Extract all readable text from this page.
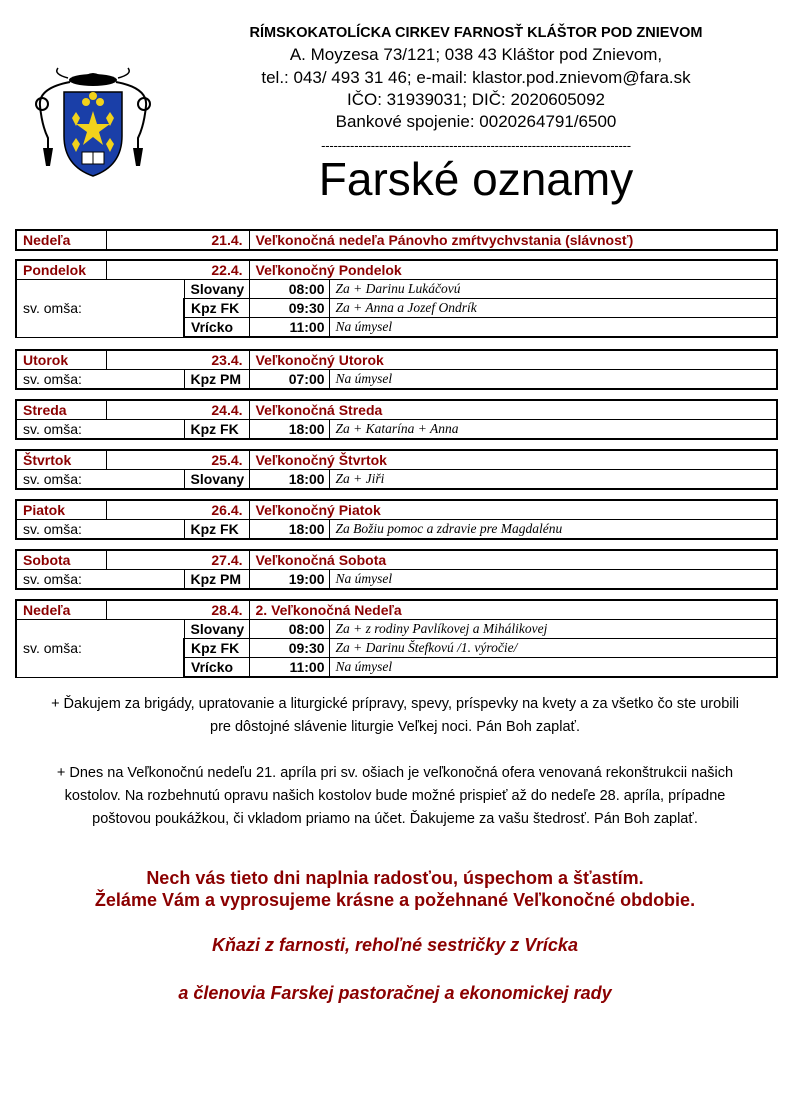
RÍMSKOKATOLÍCKA CIRKEV FARNOSŤ KLÁŠTOR POD ZNIEVOM
A. Moyzesa 73/121; 038 43 Kláštor pod Znievom,
tel.: 043/ 493 31 46; e-mail: klastor.pod.znievom@fara.sk
IČO: 31939031; DIČ: 2020605092
Bankové spojenie: 0020264791/6500
---------------------------------------------------------------------------
Farské oznamy
Nedeľa	21.4.	Veľkonočná nedeľa Pánovho zmŕtvychvstania (slávnosť)
Pondelok	22.4.		Veľkonočný Pondelok	
sv. omša:		Slovany	08:00	Za + Darinu Lukáčovú
		Kpz FK	09:30	Za + Anna a Jozef Ondrík
		Vrícko	11:00	Na úmysel
Utorok	23.4.		Veľkonočný Utorok	
sv. omša:		Kpz PM	07:00	Na úmysel
Streda	24.4.		Veľkonočná Streda	
sv. omša:		Kpz FK	18:00	Za + Katarína + Anna
Štvrtok	25.4.		Veľkonočný Štvrtok	
sv. omša:		Slovany	18:00	Za + Jiři
Piatok	26.4.		Veľkonočný Piatok	
sv. omša:		Kpz FK	18:00	Za Božiu pomoc a zdravie pre Magdalénu
Sobota	27.4.		Veľkonočná Sobota	
sv. omša:		Kpz PM	19:00	Na úmysel
Nedeľa	28.4.		2. Veľkonočná Nedeľa	
sv. omša:		Slovany	08:00	Za + z rodiny Pavlíkovej a Mihálikovej
		Kpz FK	09:30	Za + Darinu Štefkovú /1. výročie/
		Vrícko	11:00	Na úmysel
+ Ďakujem za brigády, upratovanie a liturgické prípravy, spevy, príspevky na kvety a za všetko čo ste urobili
pre dôstojné slávenie liturgie Veľkej noci. Pán Boh zaplať.
+ Dnes na Veľkonočnú nedeľu 21. apríla pri sv. ošiach je veľkonočná ofera venovaná rekonštrukcii našich
kostolov. Na rozbehnutú opravu našich kostolov bude možné prispieť až do nedeľe 28. apríla, prípadne
poštovou poukážkou, či vkladom priamo na účet. Ďakujeme za vašu štedrosť. Pán Boh zaplať.
Nech vás tieto dni naplnia radosťou, úspechom a šťastím.
Želáme Vám a vyprosujeme krásne a požehnané Veľkonočné obdobie.
Kňazi z farnosti, rehoľné sestričky z Vrícka
a členovia Farskej pastoračnej a ekonomickej rady
